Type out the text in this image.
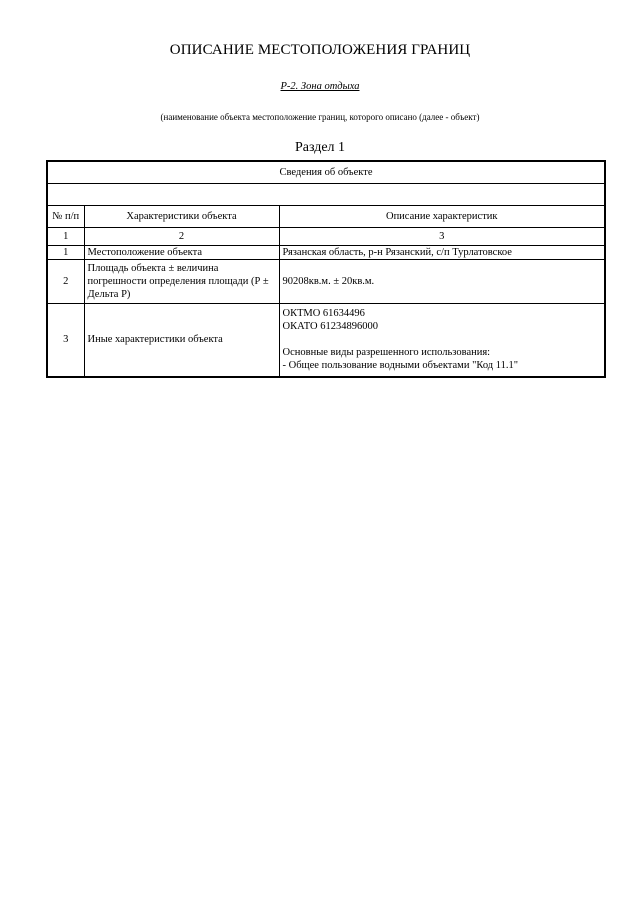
ОПИСАНИЕ МЕСТОПОЛОЖЕНИЯ ГРАНИЦ
Р-2. Зона отдыха
(наименование объекта местоположение границ, которого описано (далее - объект)
Раздел 1
Сведения об объекте		

№ п/п	Характеристики объекта	Описание характеристик
1	2	3
1	Местоположение объекта	Рязанская область, р-н Рязанский, с/п Турлатовское
2	Площадь объекта ± величина погрешности определения площади (Р ± Дельта Р)	90208кв.м. ± 20кв.м.
3	Иные характеристики объекта	ОКТМО 61634496
ОКАТО 61234896000
Основные виды разрешенного использования:
- Общее пользование водными объектами "Код 11.1"
